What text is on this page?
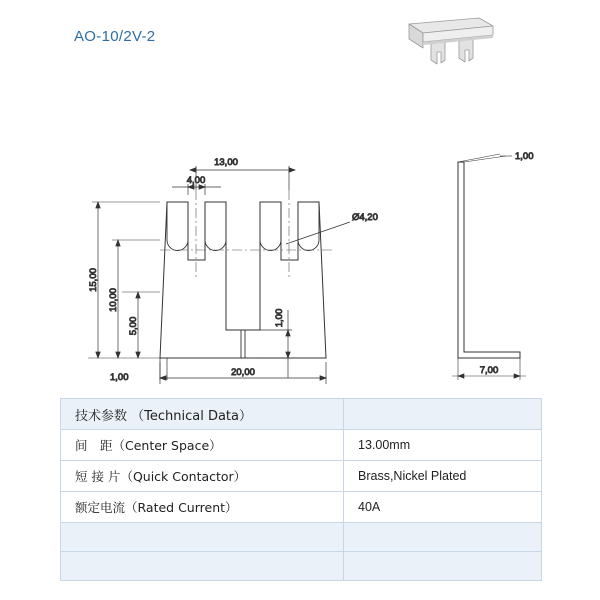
AO-10/2V-2
13,00
4,00
Ø4,20
15,00
10,00
5,00	1,00
1,00	20,00
1,00
7,00
技术参数 （Technical Data）	
间　距（Center Space）	13.00mm
短 接 片（Quick Contactor）	Brass,Nickel Plated
额定电流（Rated Current）	40A
